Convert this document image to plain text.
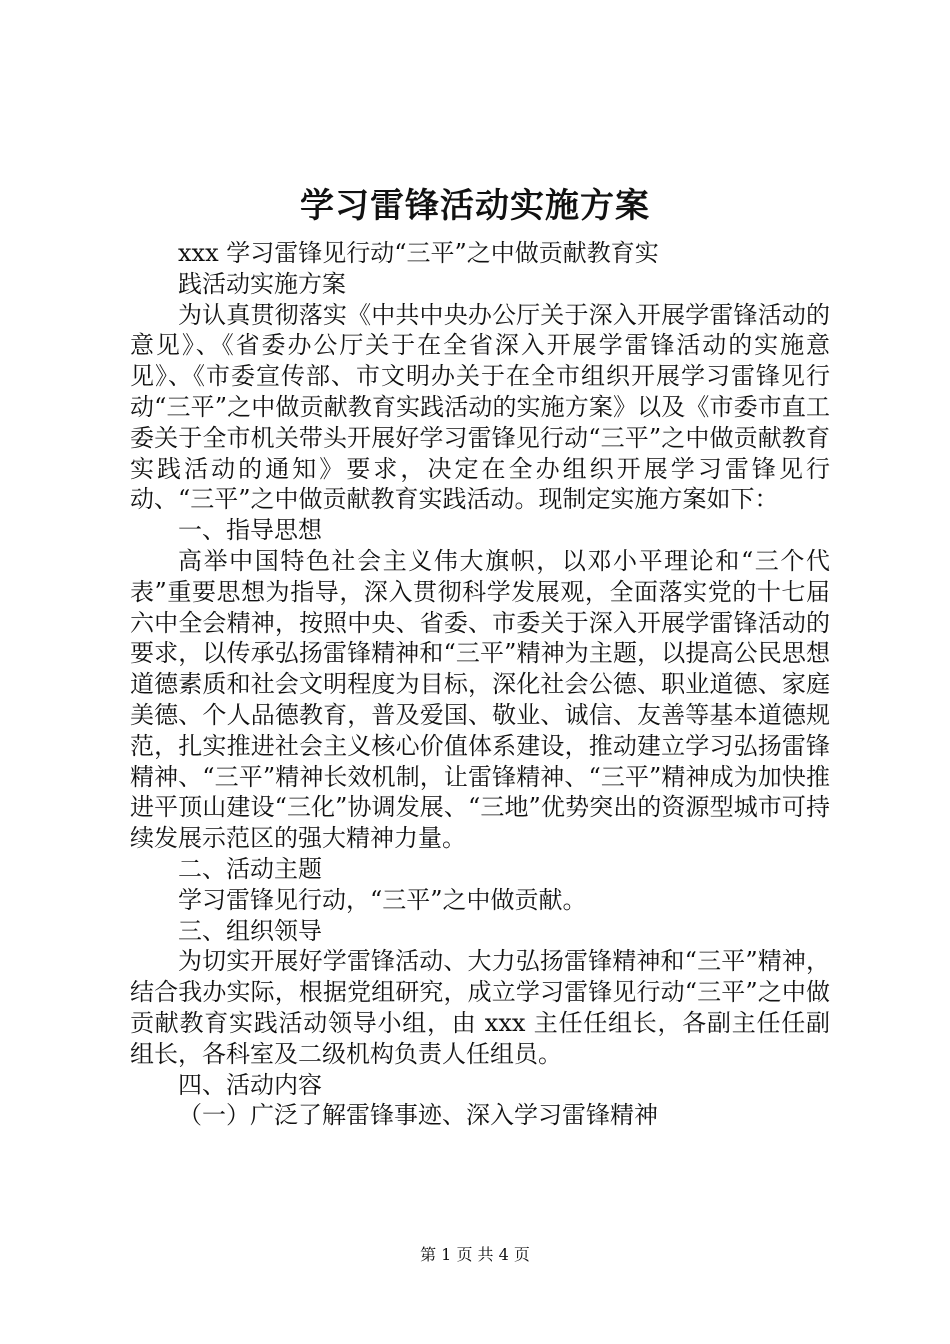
学习雷锋活动实施方案

xxx 学习雷锋见行动“三平”之中做贡献教育实

践活动实施方案

为认真贯彻落实《中共中央办公厅关于深入开展学雷锋活动的意见》、《省委办公厅关于在全省深入开展学雷锋活动的实施意见》、《市委宣传部、市文明办关于在全市组织开展学习雷锋见行动“三平”之中做贡献教育实践活动的实施方案》以及《市委市直工委关于全市机关带头开展好学习雷锋见行动“三平”之中做贡献教育实践活动的通知》要求，决定在全办组织开展学习雷锋见行动、“三平”之中做贡献教育实践活动。现制定实施方案如下：

一、指导思想

高举中国特色社会主义伟大旗帜，以邓小平理论和“三个代表”重要思想为指导，深入贯彻科学发展观，全面落实党的十七届六中全会精神，按照中央、省委、市委关于深入开展学雷锋活动的要求，以传承弘扬雷锋精神和“三平”精神为主题，以提高公民思想道德素质和社会文明程度为目标，深化社会公德、职业道德、家庭美德、个人品德教育，普及爱国、敬业、诚信、友善等基本道德规范，扎实推进社会主义核心价值体系建设，推动建立学习弘扬雷锋精神、“三平”精神长效机制，让雷锋精神、“三平”精神成为加快推进平顶山建设“三化”协调发展、“三地”优势突出的资源型城市可持续发展示范区的强大精神力量。

二、活动主题

学习雷锋见行动，“三平”之中做贡献。

三、组织领导

为切实开展好学雷锋活动、大力弘扬雷锋精神和“三平”精神，结合我办实际，根据党组研究，成立学习雷锋见行动“三平”之中做贡献教育实践活动领导小组，由 xxx 主任任组长，各副主任任副组长，各科室及二级机构负责人任组员。

四、活动内容

（一）广泛了解雷锋事迹、深入学习雷锋精神

第 1 页 共 4 页
